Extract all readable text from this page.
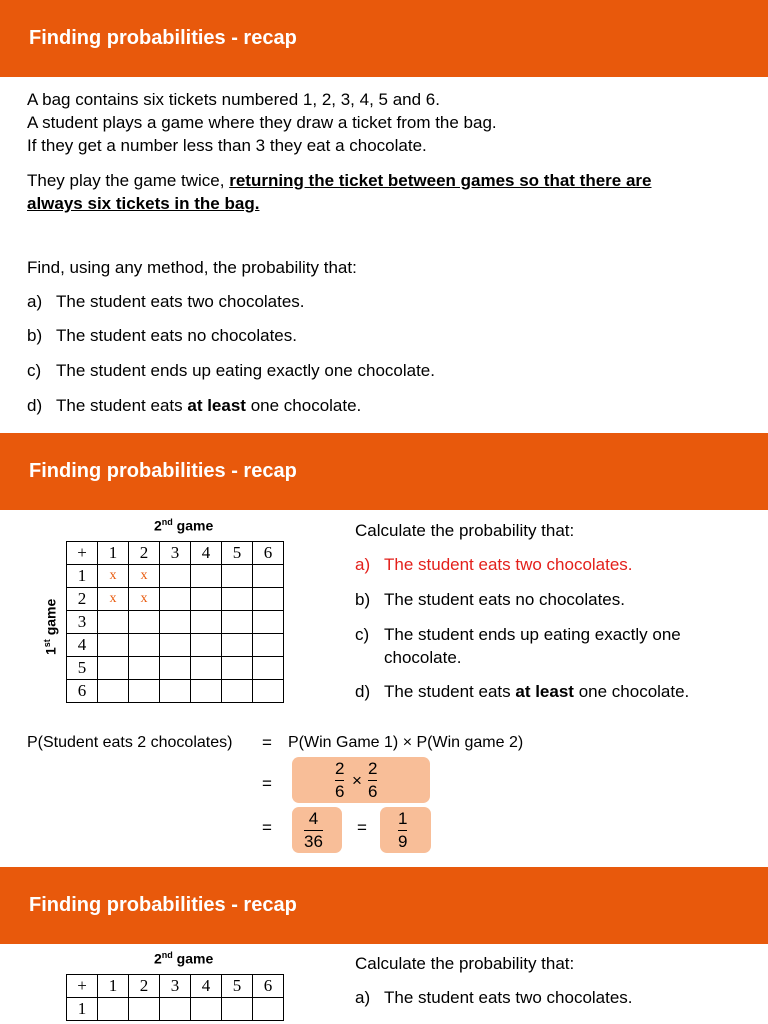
Finding probabilities - recap
A bag contains six tickets numbered 1, 2, 3, 4, 5 and 6.
A student plays a game where they draw a ticket from the bag.
If they get a number less than 3 they eat a chocolate.
They play the game twice, returning the ticket between games so that there are
always six tickets in the bag.
Find, using any method, the probability that:
a) The student eats two chocolates.
b) The student eats no chocolates.
c) The student ends up eating exactly one chocolate.
d) The student eats at least one chocolate.
Finding probabilities - recap
2nd game
1st game
+	1	2	3	4	5	6
1	x	x				
2	x	x				
3						
4						
5						
6						
Calculate the probability that:
a) The student eats two chocolates.
b) The student eats no chocolates.
c) The student ends up eating exactly one
chocolate.
d) The student eats at least one chocolate.
P(Student eats 2 chocolates) = P(Win Game 1) × P(Win game 2)
=
2
6
×
2
6
= 4
36
= 1
9
Finding probabilities - recap
2nd game
+	1	2	3	4	5	6
1						
Calculate the probability that:
a) The student eats two chocolates.
